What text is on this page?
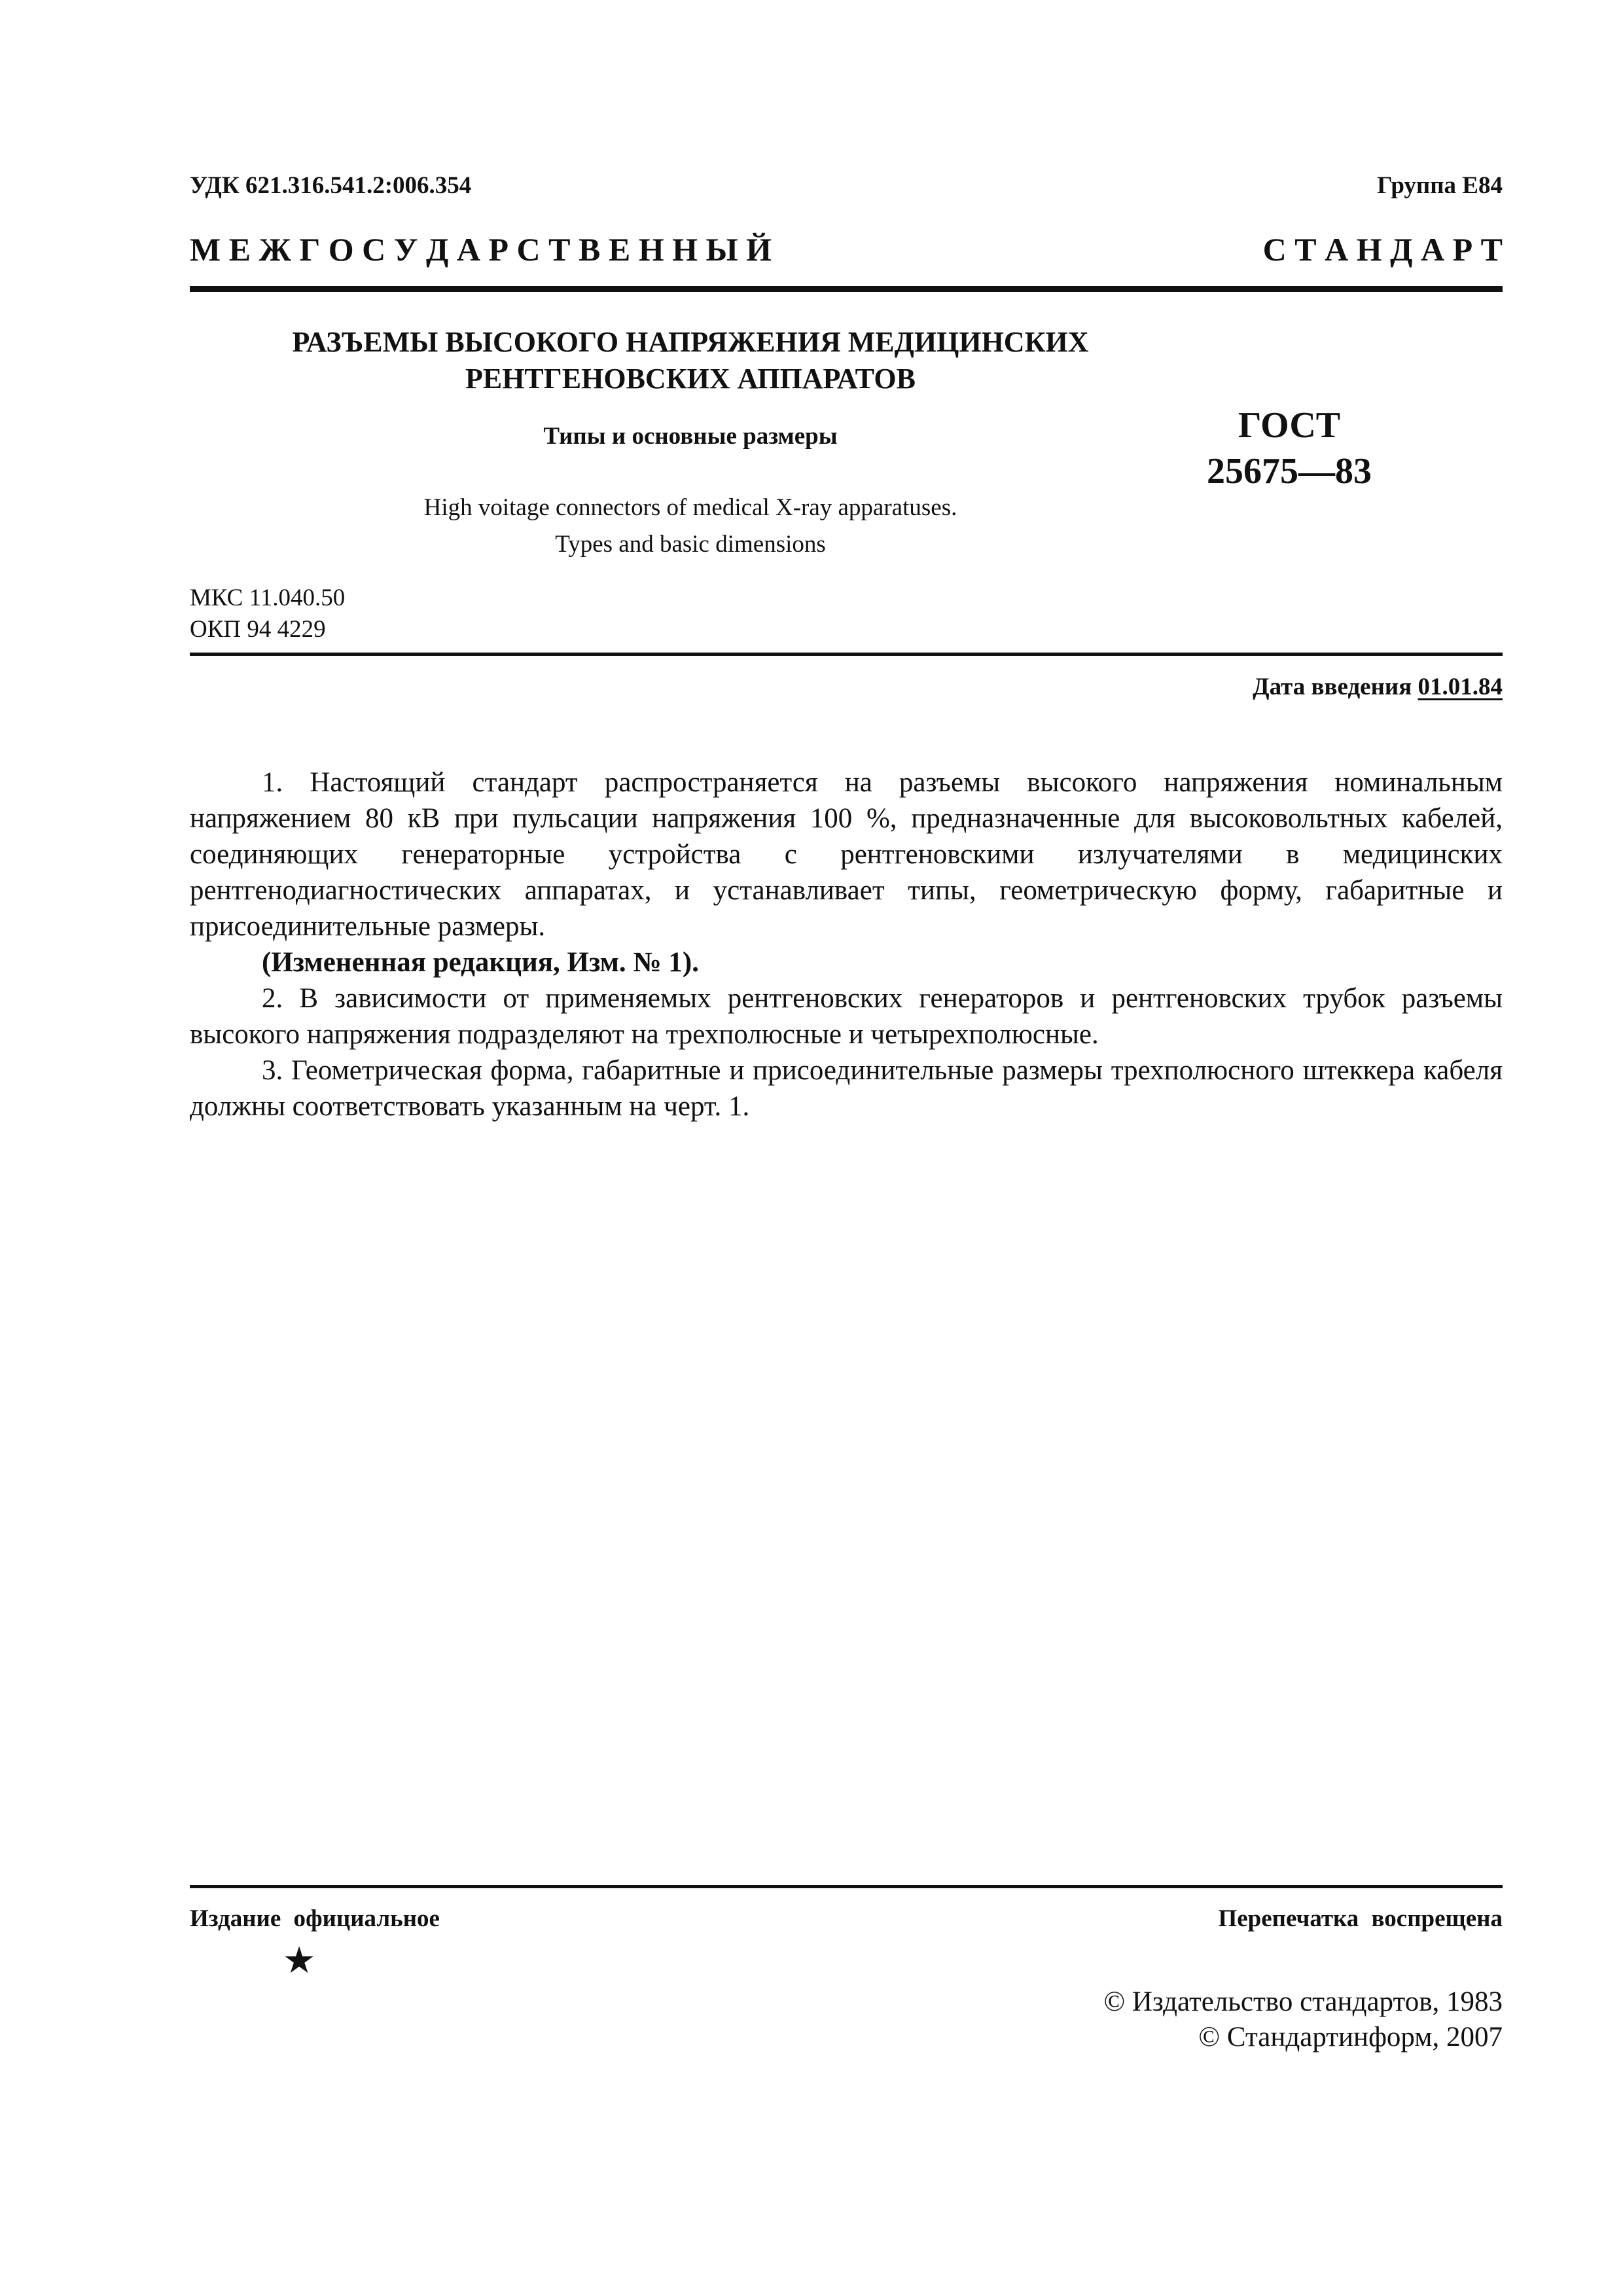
УДК 621.316.541.2:006.354	Группа Е84
М Е Ж Г О С У Д А Р С Т В Е Н Н Ы Й	С Т А Н Д А Р Т
РАЗЪЕМЫ ВЫСОКОГО НАПРЯЖЕНИЯ МЕДИЦИНСКИХ
РЕНТГЕНОВСКИХ АППАРАТОВ
Типы и основные размеры	ГОСТ
25675—83
High voitage connectors of medical X-ray apparatuses.
Types and basic dimensions
МКС 11.040.50
ОКП 94 4229
Дата введения 01.01.84

1. Настоящий стандарт распространяется на разъемы высокого напряжения номинальным напряжением 80 кВ при пульсации напряжения 100 %, предназначенные для высоковольтных кабелей, соединяющих генераторные устройства с рентгеновскими излучателями в медицинских рентгенодиагностических аппаратах, и устанавливает типы, геометрическую форму, габаритные и присоединительные размеры.

(Измененная редакция, Изм. № 1).

2. В зависимости от применяемых рентгеновских генераторов и рентгеновских трубок разъемы высокого напряжения подразделяют на трехполюсные и четырехполюсные.

3. Геометрическая форма, габаритные и присоединительные размеры трехполюсного штеккера кабеля должны соответствовать указанным на черт. 1.

Издание официальное	Перепечатка воспрещена
★
© Издательство стандартов, 1983
© Стандартинформ, 2007
